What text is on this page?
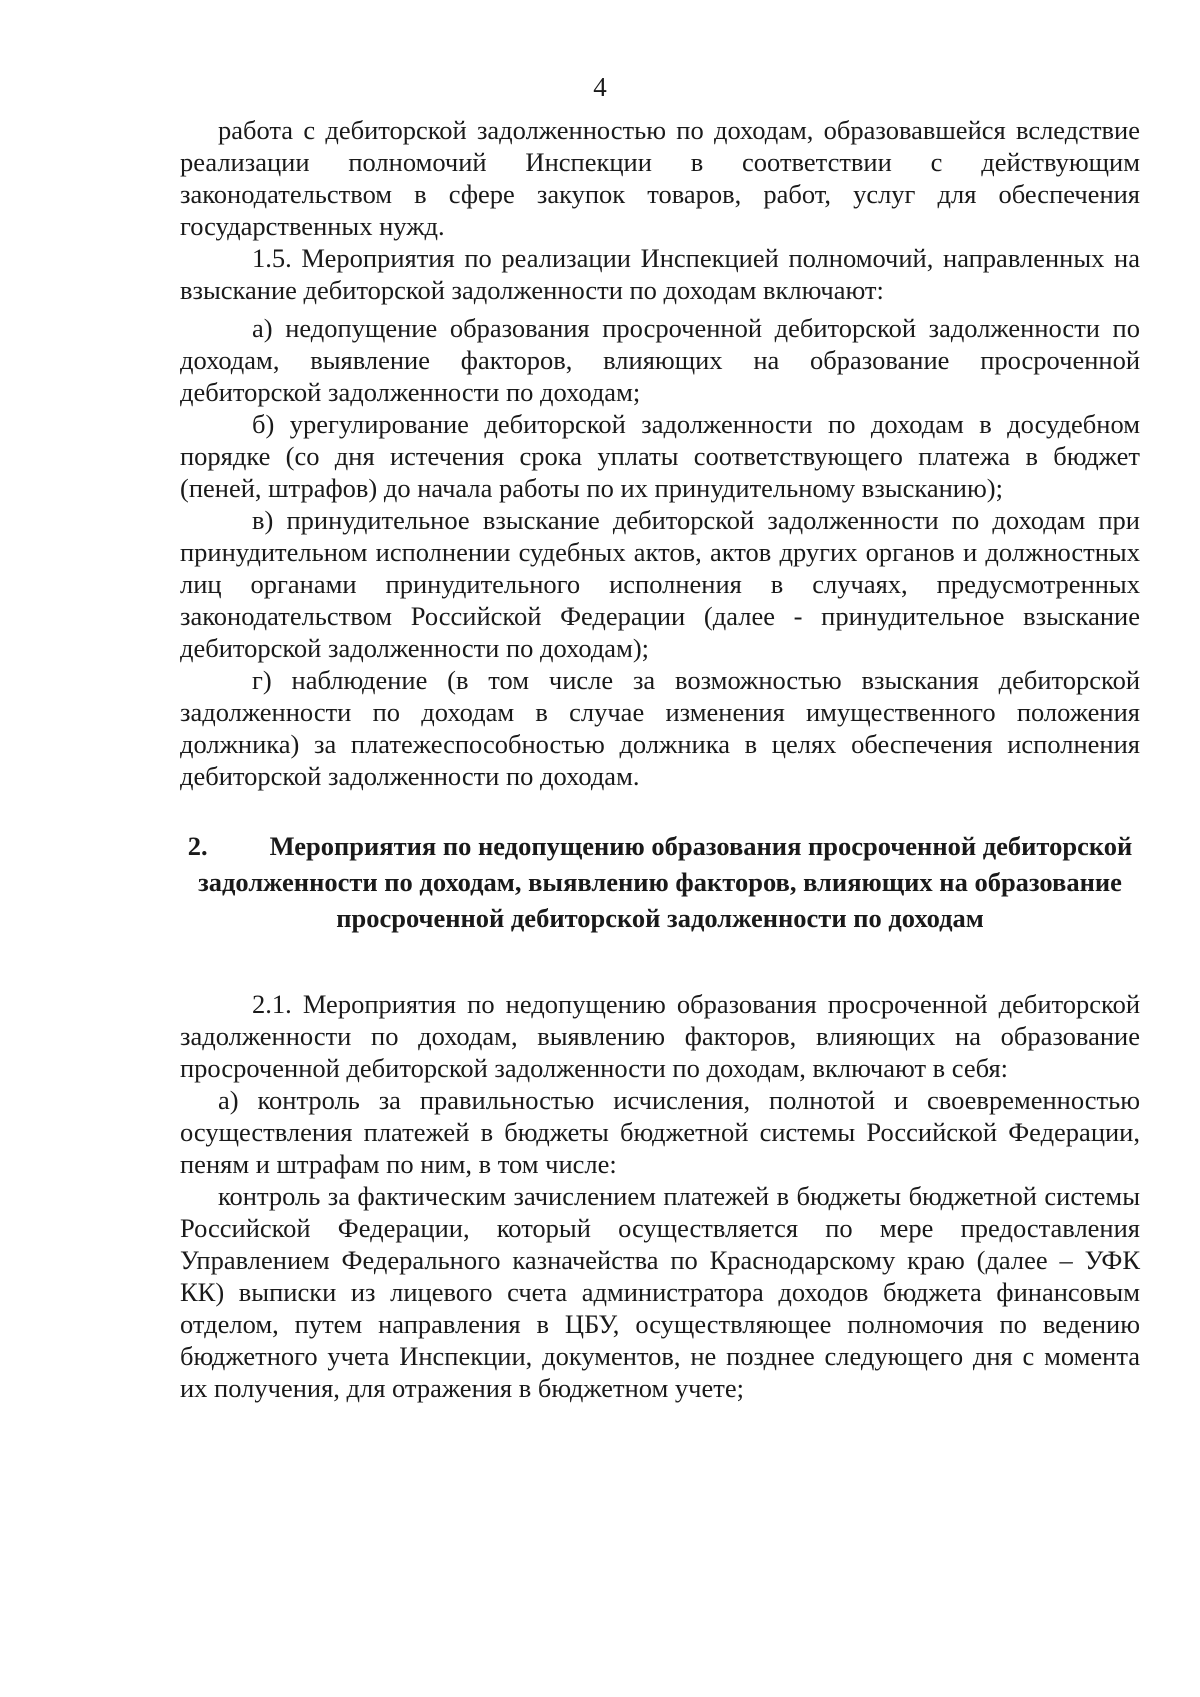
4

работа с дебиторской задолженностью по доходам, образовавшейся вследствие реализации полномочий Инспекции в соответствии с действующим законодательством в сфере закупок товаров, работ, услуг для обеспечения государственных нужд.

1.5. Мероприятия по реализации Инспекцией полномочий, направленных на взыскание дебиторской задолженности по доходам включают:

а) недопущение образования просроченной дебиторской задолженности по доходам, выявление факторов, влияющих на образование просроченной дебиторской задолженности по доходам;

б) урегулирование дебиторской задолженности по доходам в досудебном порядке (со дня истечения срока уплаты соответствующего платежа в бюджет (пеней, штрафов) до начала работы по их принудительному взысканию);

в) принудительное взыскание дебиторской задолженности по доходам при принудительном исполнении судебных актов, актов других органов и должностных лиц органами принудительного исполнения в случаях, предусмотренных законодательством Российской Федерации (далее - принудительное взыскание дебиторской задолженности по доходам);

г) наблюдение (в том числе за возможностью взыскания дебиторской задолженности по доходам в случае изменения имущественного положения должника) за платежеспособностью должника в целях обеспечения исполнения дебиторской задолженности по доходам.

2. Мероприятия по недопущению образования просроченной дебиторской задолженности по доходам, выявлению факторов, влияющих на образование просроченной дебиторской задолженности по доходам

2.1. Мероприятия по недопущению образования просроченной дебиторской задолженности по доходам, выявлению факторов, влияющих на образование просроченной дебиторской задолженности по доходам, включают в себя:

а) контроль за правильностью исчисления, полнотой и своевременностью осуществления платежей в бюджеты бюджетной системы Российской Федерации, пеням и штрафам по ним, в том числе:

контроль за фактическим зачислением платежей в бюджеты бюджетной системы Российской Федерации, который осуществляется по мере предоставления Управлением Федерального казначейства по Краснодарскому краю (далее – УФК КК) выписки из лицевого счета администратора доходов бюджета финансовым отделом, путем направления в ЦБУ, осуществляющее полномочия по ведению бюджетного учета Инспекции, документов, не позднее следующего дня с момента их получения, для отражения в бюджетном учете;
